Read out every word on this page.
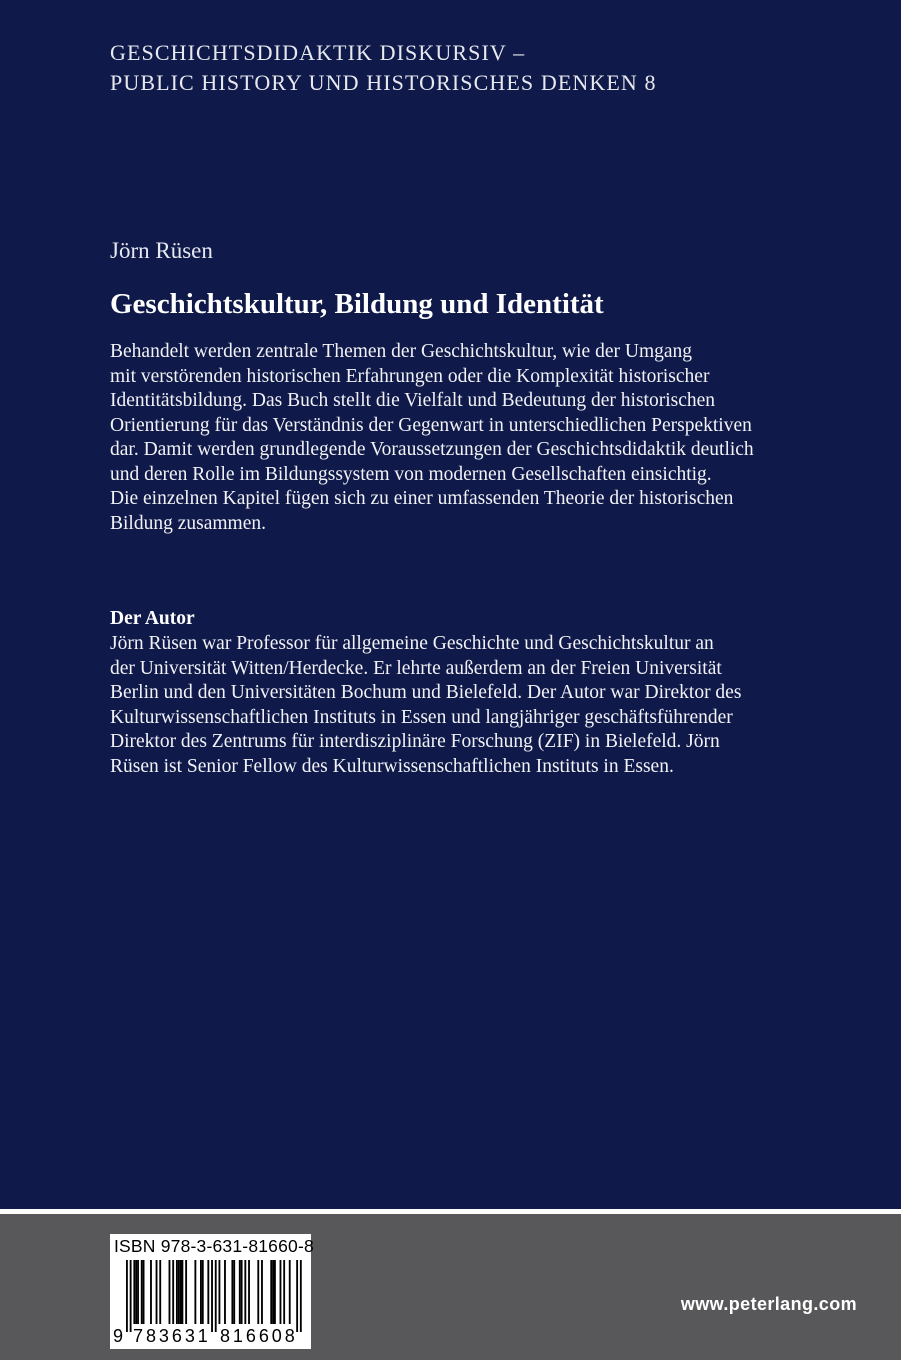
GESCHICHTSDIDAKTIK DISKURSIV –
PUBLIC HISTORY UND HISTORISCHES DENKEN 8
Jörn Rüsen
Geschichtskultur, Bildung und Identität
Behandelt werden zentrale Themen der Geschichtskultur, wie der Umgang
mit verstörenden historischen Erfahrungen oder die Komplexität historischer
Identitätsbildung. Das Buch stellt die Vielfalt und Bedeutung der historischen
Orientierung für das Verständnis der Gegenwart in unterschiedlichen Perspektiven
dar. Damit werden grundlegende Voraussetzungen der Geschichtsdidaktik deutlich
und deren Rolle im Bildungssystem von modernen Gesellschaften einsichtig.
Die einzelnen Kapitel fügen sich zu einer umfassenden Theorie der historischen
Bildung zusammen.
Der Autor
Jörn Rüsen war Professor für allgemeine Geschichte und Geschichtskultur an
der Universität Witten/Herdecke. Er lehrte außerdem an der Freien Universität
Berlin und den Universitäten Bochum und Bielefeld. Der Autor war Direktor des
Kulturwissenschaftlichen Instituts in Essen und langjähriger geschäftsführender
Direktor des Zentrums für interdisziplinäre Forschung (ZIF) in Bielefeld. Jörn
Rüsen ist Senior Fellow des Kulturwissenschaftlichen Instituts in Essen.
9 7 8 3 6 3 1 8 1 6 6 0 8
ISBN 978-3-631-81660-8
www.peterlang.com
